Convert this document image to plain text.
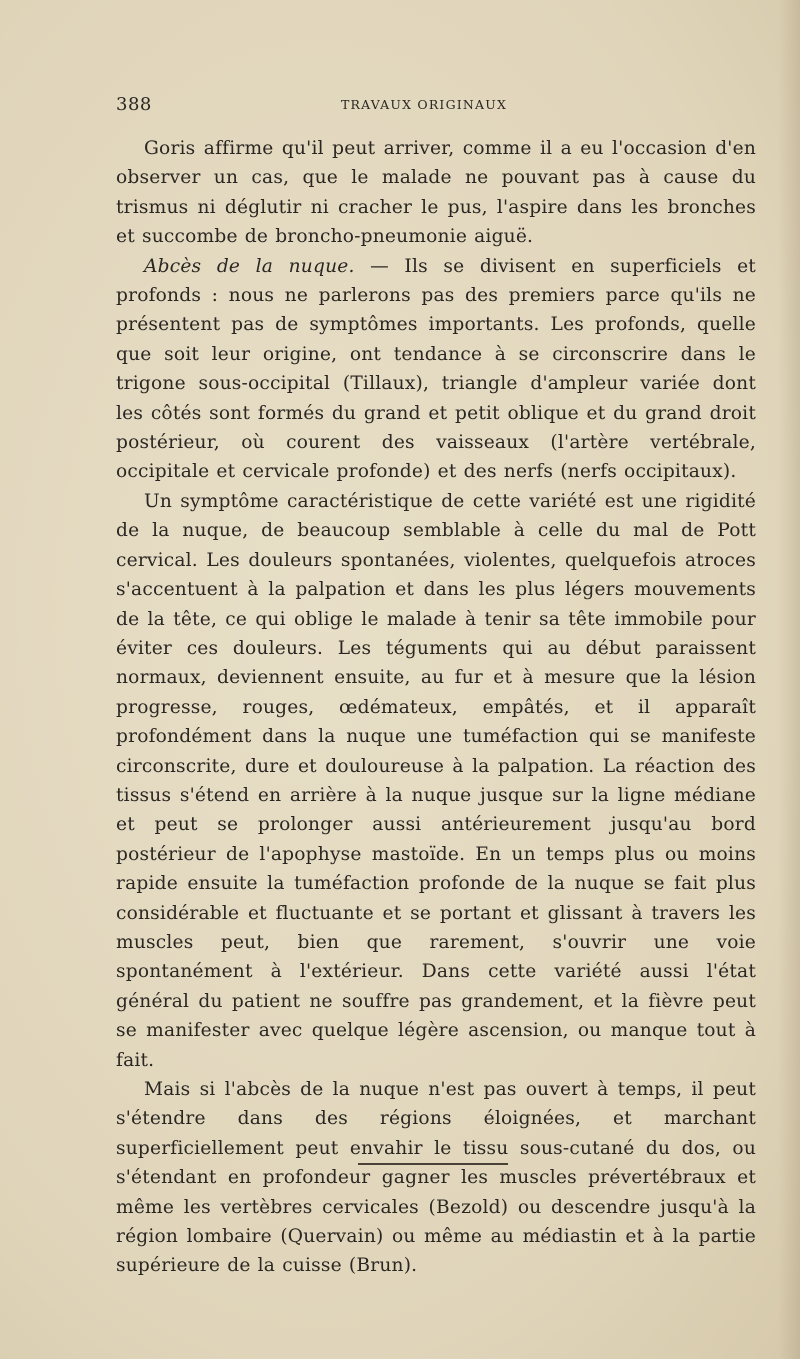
388	TRAVAUX ORIGINAUX

Goris affirme qu'il peut arriver, comme il a eu l'occasion d'en observer un cas, que le malade ne pouvant pas à cause du trismus ni déglutir ni cracher le pus, l'aspire dans les bronches et succombe de broncho-pneumonie aiguë.

Abcès de la nuque. — Ils se divisent en superficiels et profonds : nous ne parlerons pas des premiers parce qu'ils ne présentent pas de symptômes importants. Les profonds, quelle que soit leur origine, ont tendance à se circonscrire dans le trigone sous-occipital (Tillaux), triangle d'ampleur variée dont les côtés sont formés du grand et petit oblique et du grand droit postérieur, où courent des vaisseaux (l'artère vertébrale, occipitale et cervicale profonde) et des nerfs (nerfs occipitaux).

Un symptôme caractéristique de cette variété est une rigidité de la nuque, de beaucoup semblable à celle du mal de Pott cervical. Les douleurs spontanées, violentes, quelquefois atroces s'accentuent à la palpation et dans les plus légers mouvements de la tête, ce qui oblige le malade à tenir sa tête immobile pour éviter ces douleurs. Les téguments qui au début paraissent normaux, deviennent ensuite, au fur et à mesure que la lésion progresse, rouges, œdémateux, empâtés, et il apparaît profondément dans la nuque une tuméfaction qui se manifeste circonscrite, dure et douloureuse à la palpation. La réaction des tissus s'étend en arrière à la nuque jusque sur la ligne médiane et peut se prolonger aussi antérieurement jusqu'au bord postérieur de l'apophyse mastoïde. En un temps plus ou moins rapide ensuite la tuméfaction profonde de la nuque se fait plus considérable et fluctuante et se portant et glissant à travers les muscles peut, bien que rarement, s'ouvrir une voie spontanément à l'extérieur. Dans cette variété aussi l'état général du patient ne souffre pas grandement, et la fièvre peut se manifester avec quelque légère ascension, ou manque tout à fait.

Mais si l'abcès de la nuque n'est pas ouvert à temps, il peut s'étendre dans des régions éloignées, et marchant superficiellement peut envahir le tissu sous-cutané du dos, ou s'étendant en profondeur gagner les muscles prévertébraux et même les vertèbres cervicales (Bezold) ou descendre jusqu'à la région lombaire (Quervain) ou même au médiastin et à la partie supérieure de la cuisse (Brun).
